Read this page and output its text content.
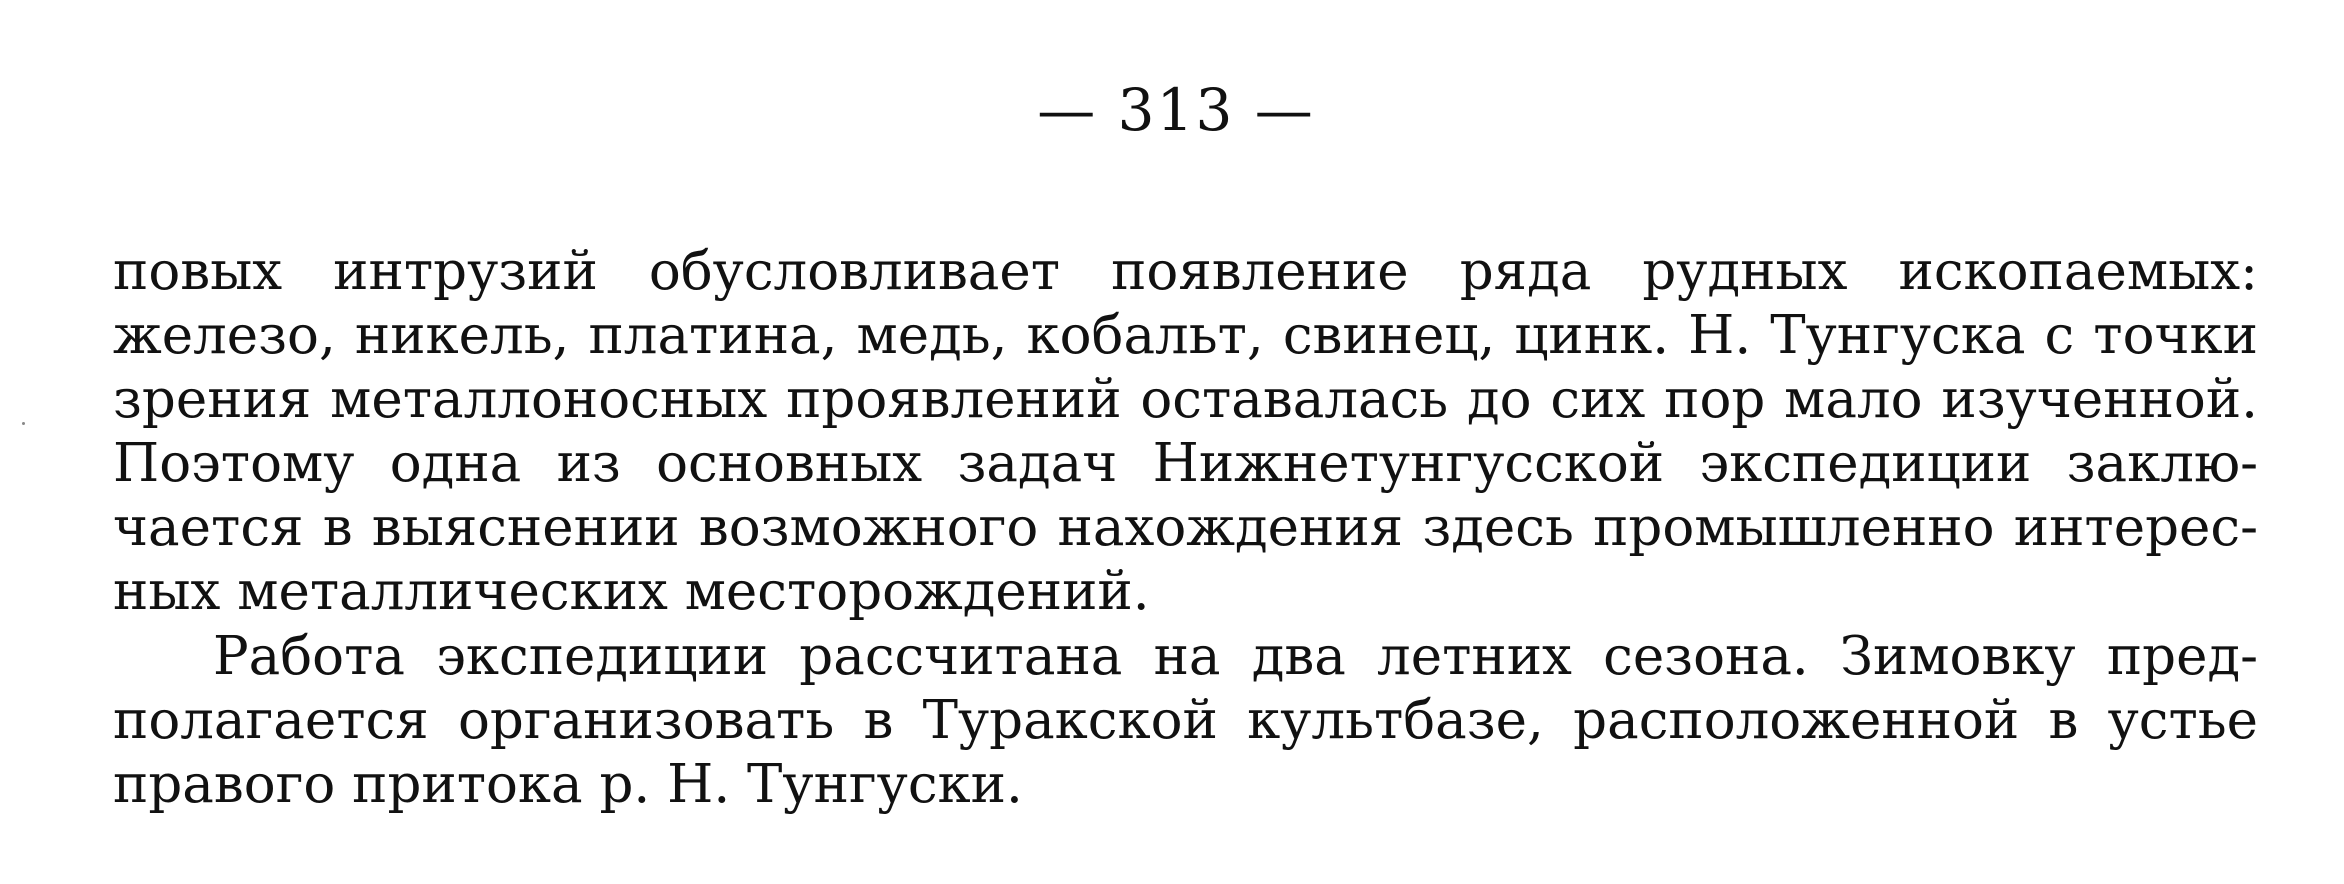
— 313 —
повых интрузий обусловливает появление ряда рудных ископаемых:
железо, никель, платина, медь, кобальт, свинец, цинк. Н. Тунгуска с точки
зрения металлоносных проявлений оставалась до сих пор мало изученной.
Поэтому одна из основных задач Нижнетунгусской экспедиции заклю-
чается в выяснении возможного нахождения здесь промышленно интерес-
ных металлических месторождений.
Работа экспедиции рассчитана на два летних сезона. Зимовку пред-
полагается организовать в Туракской культбазе, расположенной в устье
правого притока р. Н. Тунгуски.
